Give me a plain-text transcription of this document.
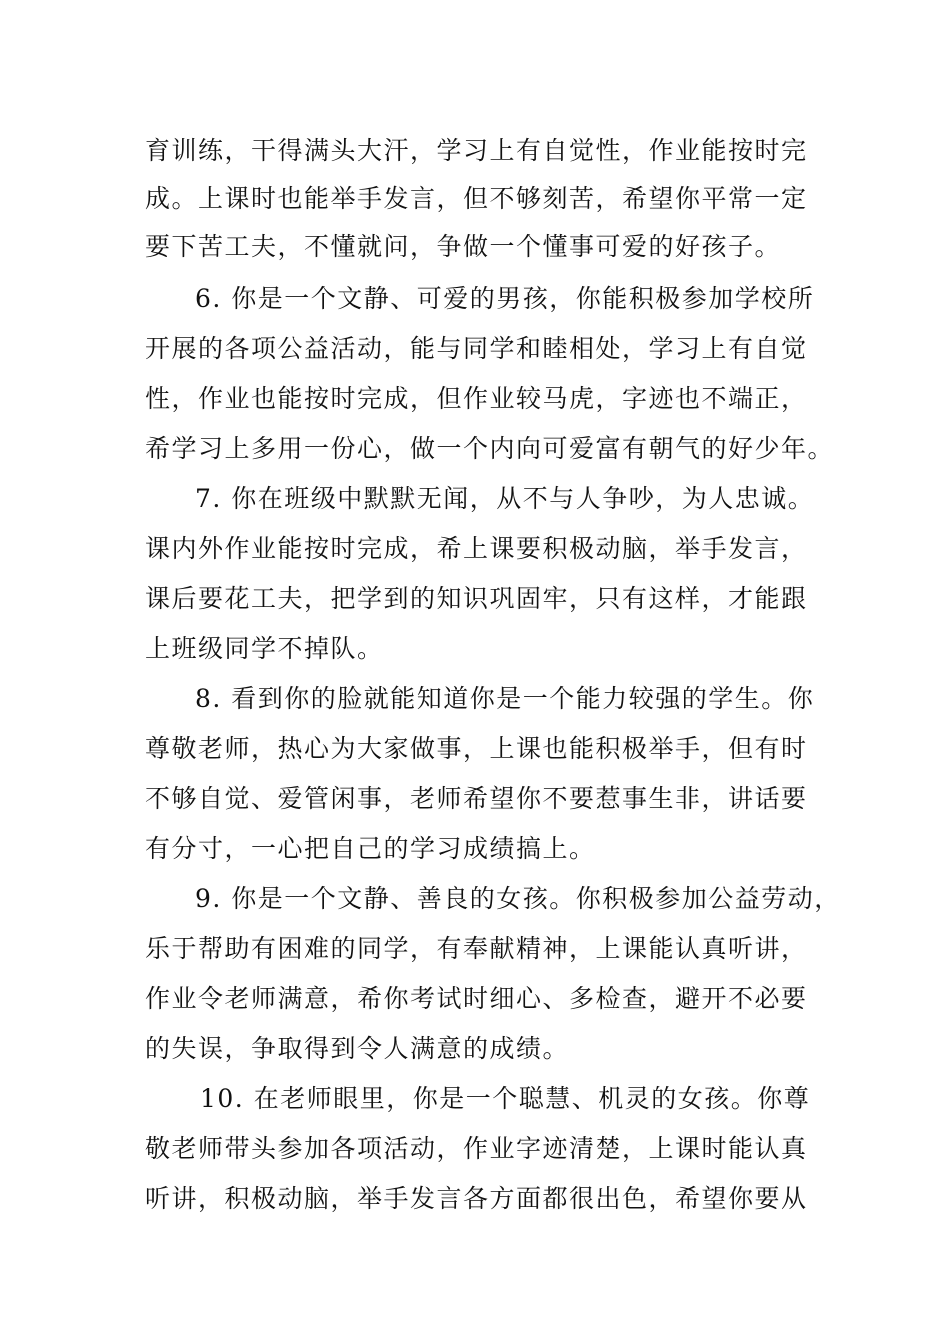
育训练，干得满头大汗，学习上有自觉性，作业能按时完
成。上课时也能举手发言，但不够刻苦，希望你平常一定
要下苦工夫，不懂就问，争做一个懂事可爱的好孩子。
6. 你是一个文静、可爱的男孩，你能积极参加学校所
开展的各项公益活动，能与同学和睦相处，学习上有自觉
性，作业也能按时完成，但作业较马虎，字迹也不端正，
希学习上多用一份心，做一个内向可爱富有朝气的好少年。
7. 你在班级中默默无闻，从不与人争吵，为人忠诚。
课内外作业能按时完成，希上课要积极动脑，举手发言，
课后要花工夫，把学到的知识巩固牢，只有这样，才能跟
上班级同学不掉队。
8. 看到你的脸就能知道你是一个能力较强的学生。你
尊敬老师，热心为大家做事，上课也能积极举手，但有时
不够自觉、爱管闲事，老师希望你不要惹事生非，讲话要
有分寸，一心把自己的学习成绩搞上。
9. 你是一个文静、善良的女孩。你积极参加公益劳动，
乐于帮助有困难的同学，有奉献精神，上课能认真听讲，
作业令老师满意，希你考试时细心、多检查，避开不必要
的失误，争取得到令人满意的成绩。
10. 在老师眼里，你是一个聪慧、机灵的女孩。你尊
敬老师带头参加各项活动，作业字迹清楚，上课时能认真
听讲，积极动脑，举手发言各方面都很出色，希望你要从
